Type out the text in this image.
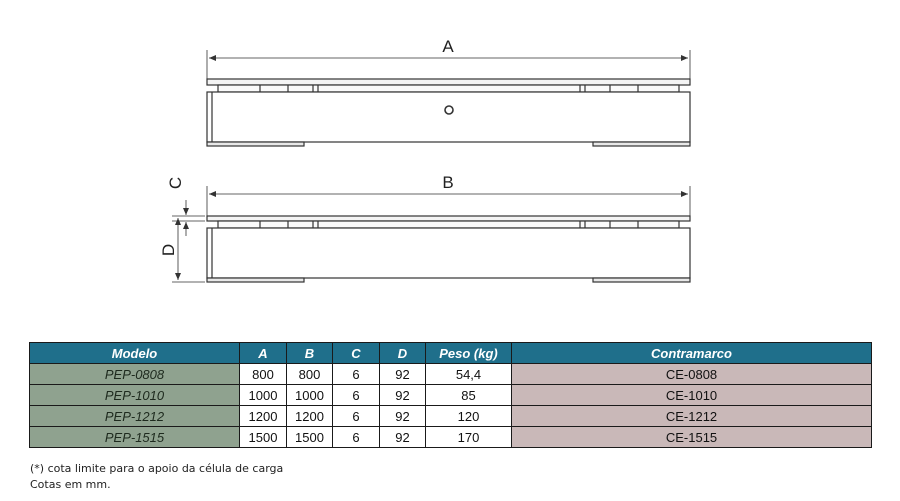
A
B
C
D
Modelo	A	B	C	D	Peso (kg)	Contramarco
PEP-0808	800	800	6	92	54,4	CE-0808
PEP-1010	1000	1000	6	92	85	CE-1010
PEP-1212	1200	1200	6	92	120	CE-1212
PEP-1515	1500	1500	6	92	170	CE-1515
(*) cota limite para o apoio da célula de carga
Cotas em mm.
